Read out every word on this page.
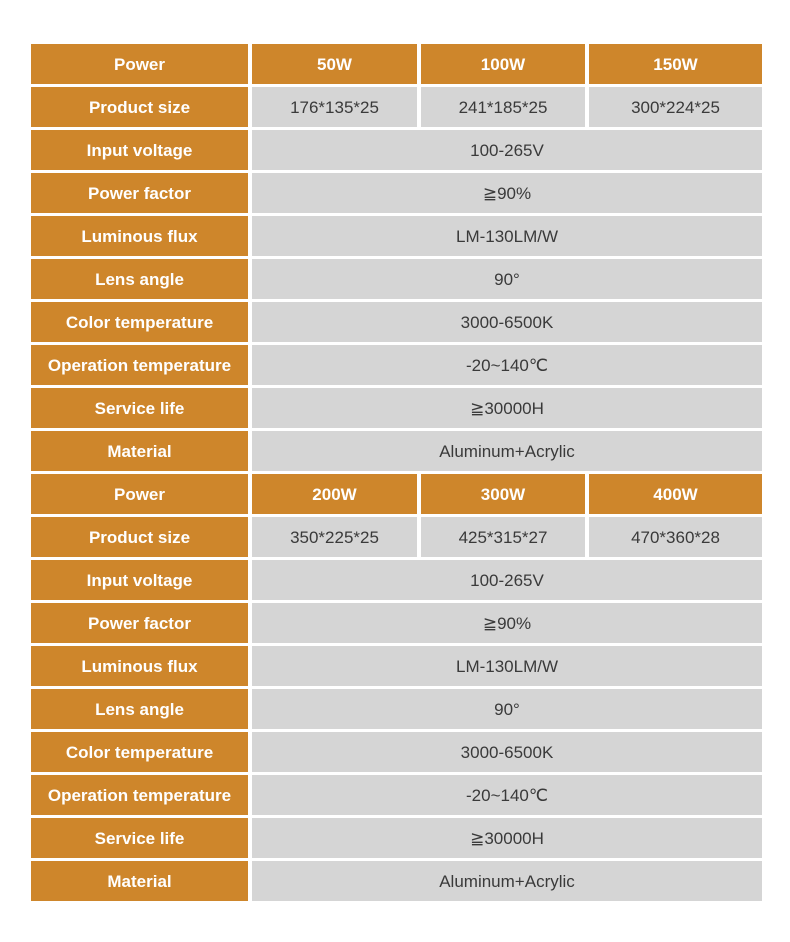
Power	50W	100W	150W
Product size	176*135*25	241*185*25	300*224*25
Input voltage	100-265V
Power factor	≧90%
Luminous flux	LM-130LM/W
Lens angle	90°
Color temperature	3000-6500K
Operation temperature	-20~140℃
Service life	≧30000H
Material	Aluminum+Acrylic
Power	200W	300W	400W
Product size	350*225*25	425*315*27	470*360*28
Input voltage	100-265V
Power factor	≧90%
Luminous flux	LM-130LM/W
Lens angle	90°
Color temperature	3000-6500K
Operation temperature	-20~140℃
Service life	≧30000H
Material	Aluminum+Acrylic
